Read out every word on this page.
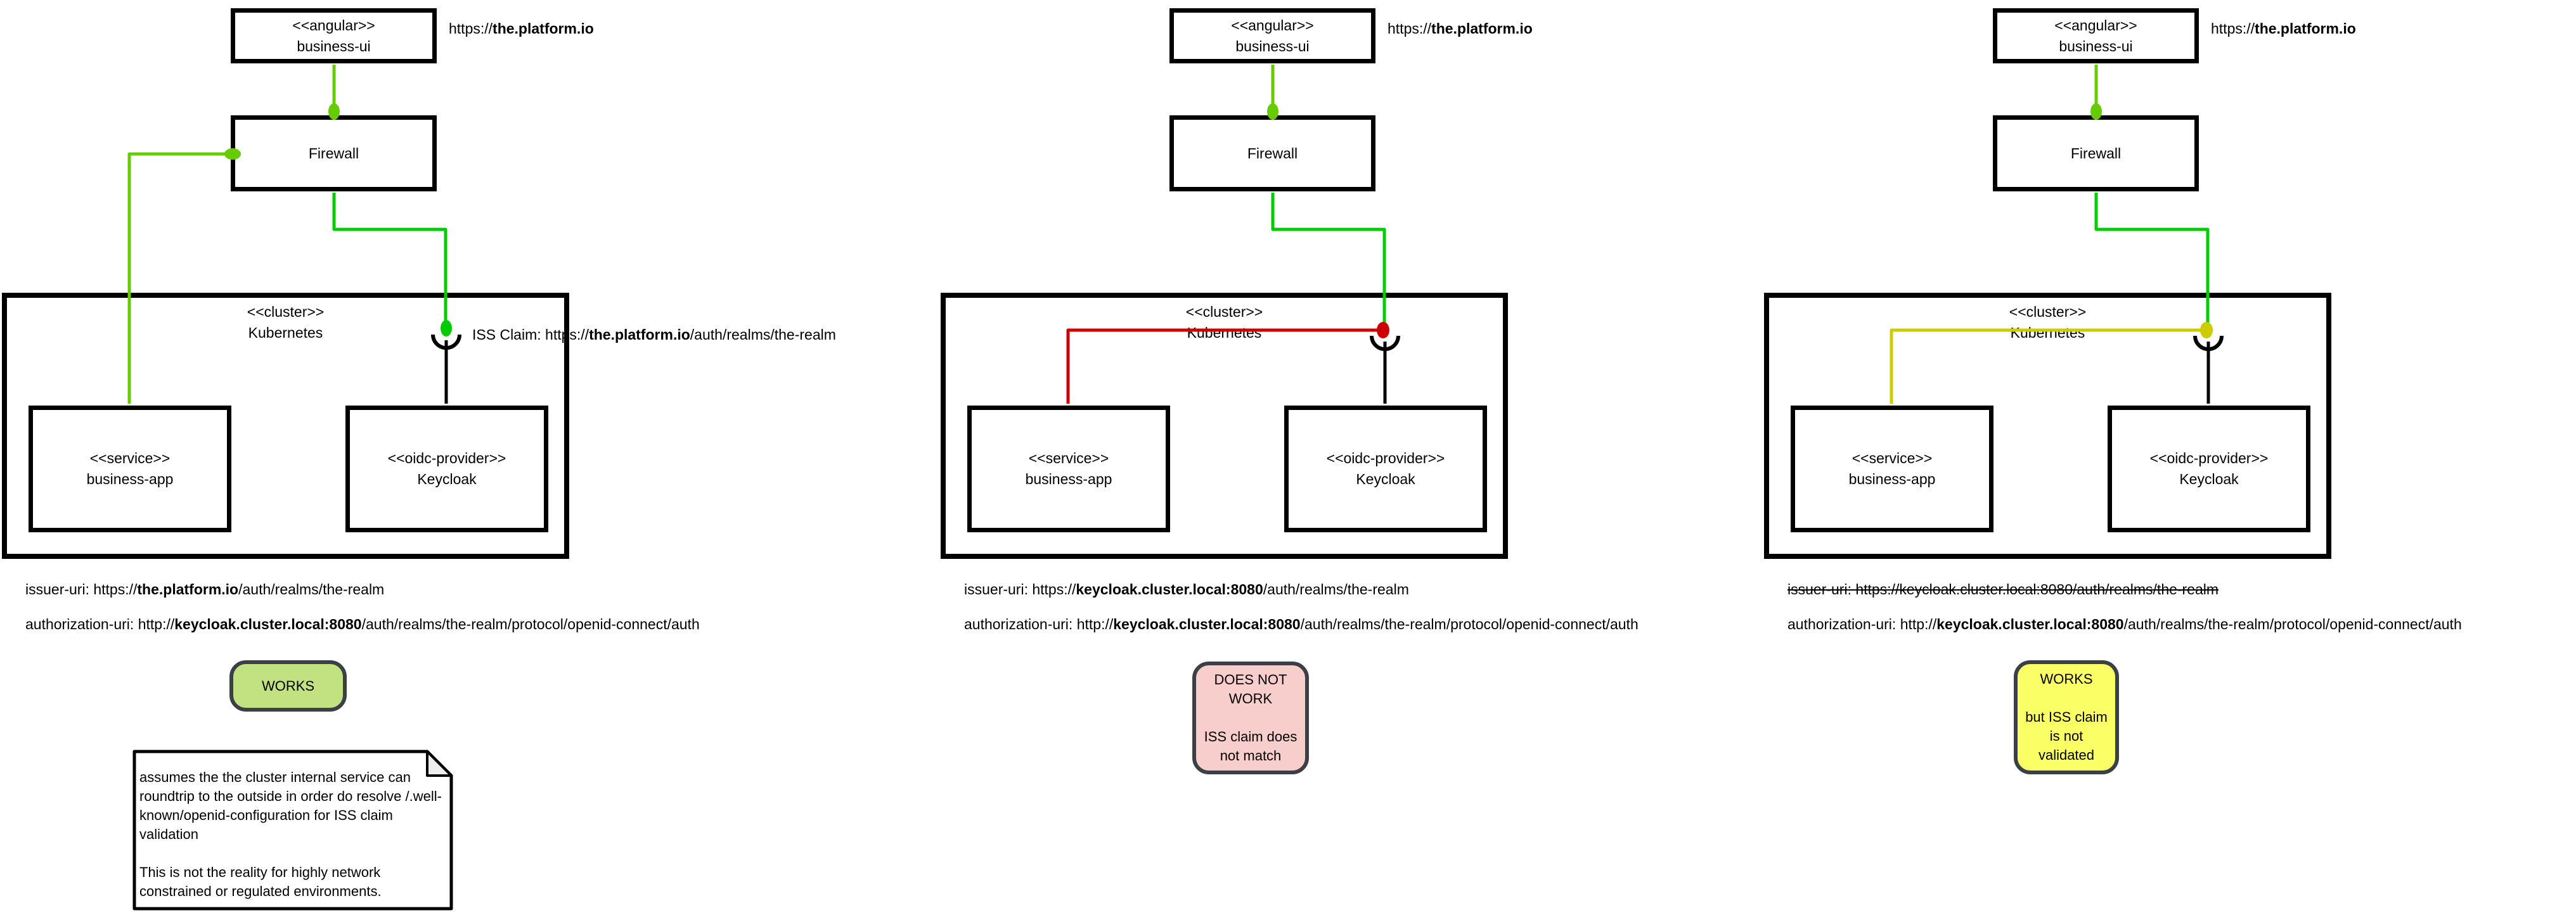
<<angular>>
business-ui
https://the.platform.io
Firewall
<<cluster>>
Kubernetes
<<service>>
business-app
<<oidc-provider>>
Keycloak
ISS Claim: https://the.platform.io/auth/realms/the-realm
issuer-uri: https://the.platform.io/auth/realms/the-realm
authorization-uri: http://keycloak.cluster.local:8080/auth/realms/the-realm/protocol/openid-connect/auth
WORKS

assumes the the cluster internal service can roundtrip to the outside in order do resolve /.well-known/openid-configuration for ISS claim validation

This is not the reality for highly network constrained or regulated environments.

<<angular>>
business-ui
https://the.platform.io
Firewall
<<cluster>>
Kubernetes
<<service>>
business-app
<<oidc-provider>>
Keycloak
issuer-uri: https://keycloak.cluster.local:8080/auth/realms/the-realm
authorization-uri: http://keycloak.cluster.local:8080/auth/realms/the-realm/protocol/openid-connect/auth
DOES NOT WORK
ISS claim does not match
<<angular>>
business-ui
https://the.platform.io
Firewall
<<cluster>>
Kubernetes
<<service>>
business-app
<<oidc-provider>>
Keycloak
issuer-uri: https://keycloak.cluster.local:8080/auth/realms/the-realm
authorization-uri: http://keycloak.cluster.local:8080/auth/realms/the-realm/protocol/openid-connect/auth
WORKS
but ISS claim is not validated
